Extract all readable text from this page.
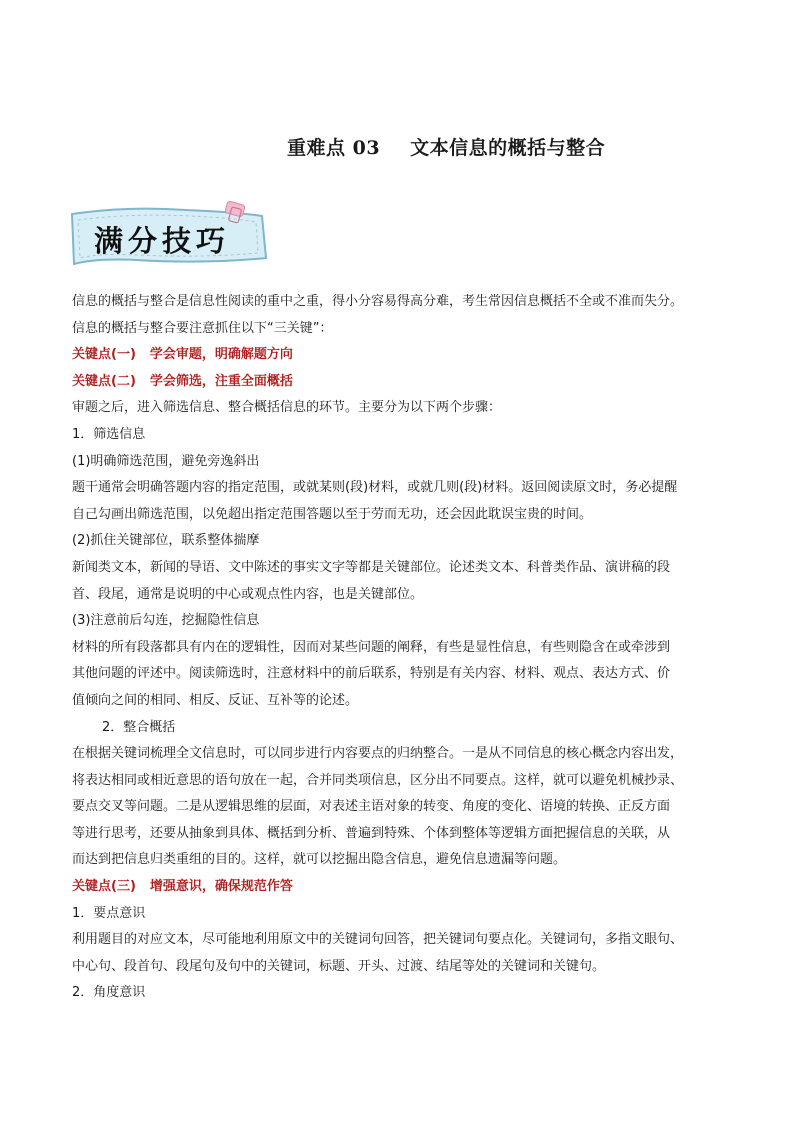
重难点 03 文本信息的概括与整合
满分技巧
信息的概括与整合是信息性阅读的重中之重，得小分容易得高分难，考生常因信息概括不全或不准而失分。
信息的概括与整合要注意抓住以下“三关键”：
关键点(一) 学会审题，明确解题方向
关键点(二) 学会筛选，注重全面概括
审题之后，进入筛选信息、整合概括信息的环节。主要分为以下两个步骤：
1．筛选信息
(1)明确筛选范围，避免旁逸斜出
题干通常会明确答题内容的指定范围，或就某则(段)材料，或就几则(段)材料。返回阅读原文时，务必提醒
自己勾画出筛选范围，以免超出指定范围答题以至于劳而无功，还会因此耽误宝贵的时间。
(2)抓住关键部位，联系整体揣摩
新闻类文本，新闻的导语、文中陈述的事实文字等都是关键部位。论述类文本、科普类作品、演讲稿的段
首、段尾，通常是说明的中心或观点性内容，也是关键部位。
(3)注意前后勾连，挖掘隐性信息
材料的所有段落都具有内在的逻辑性，因而对某些问题的阐释，有些是显性信息，有些则隐含在或牵涉到
其他问题的评述中。阅读筛选时，注意材料中的前后联系，特别是有关内容、材料、观点、表达方式、价
值倾向之间的相同、相反、反证、互补等的论述。
2．整合概括
在根据关键词梳理全文信息时，可以同步进行内容要点的归纳整合。一是从不同信息的核心概念内容出发，
将表达相同或相近意思的语句放在一起，合并同类项信息，区分出不同要点。这样，就可以避免机械抄录、
要点交叉等问题。二是从逻辑思维的层面，对表述主语对象的转变、角度的变化、语境的转换、正反方面
等进行思考，还要从抽象到具体、概括到分析、普遍到特殊、个体到整体等逻辑方面把握信息的关联，从
而达到把信息归类重组的目的。这样，就可以挖掘出隐含信息，避免信息遗漏等问题。
关键点(三) 增强意识，确保规范作答
1．要点意识
利用题目的对应文本，尽可能地利用原文中的关键词句回答，把关键词句要点化。关键词句，多指文眼句、
中心句、段首句、段尾句及句中的关键词，标题、开头、过渡、结尾等处的关键词和关键句。
2．角度意识
